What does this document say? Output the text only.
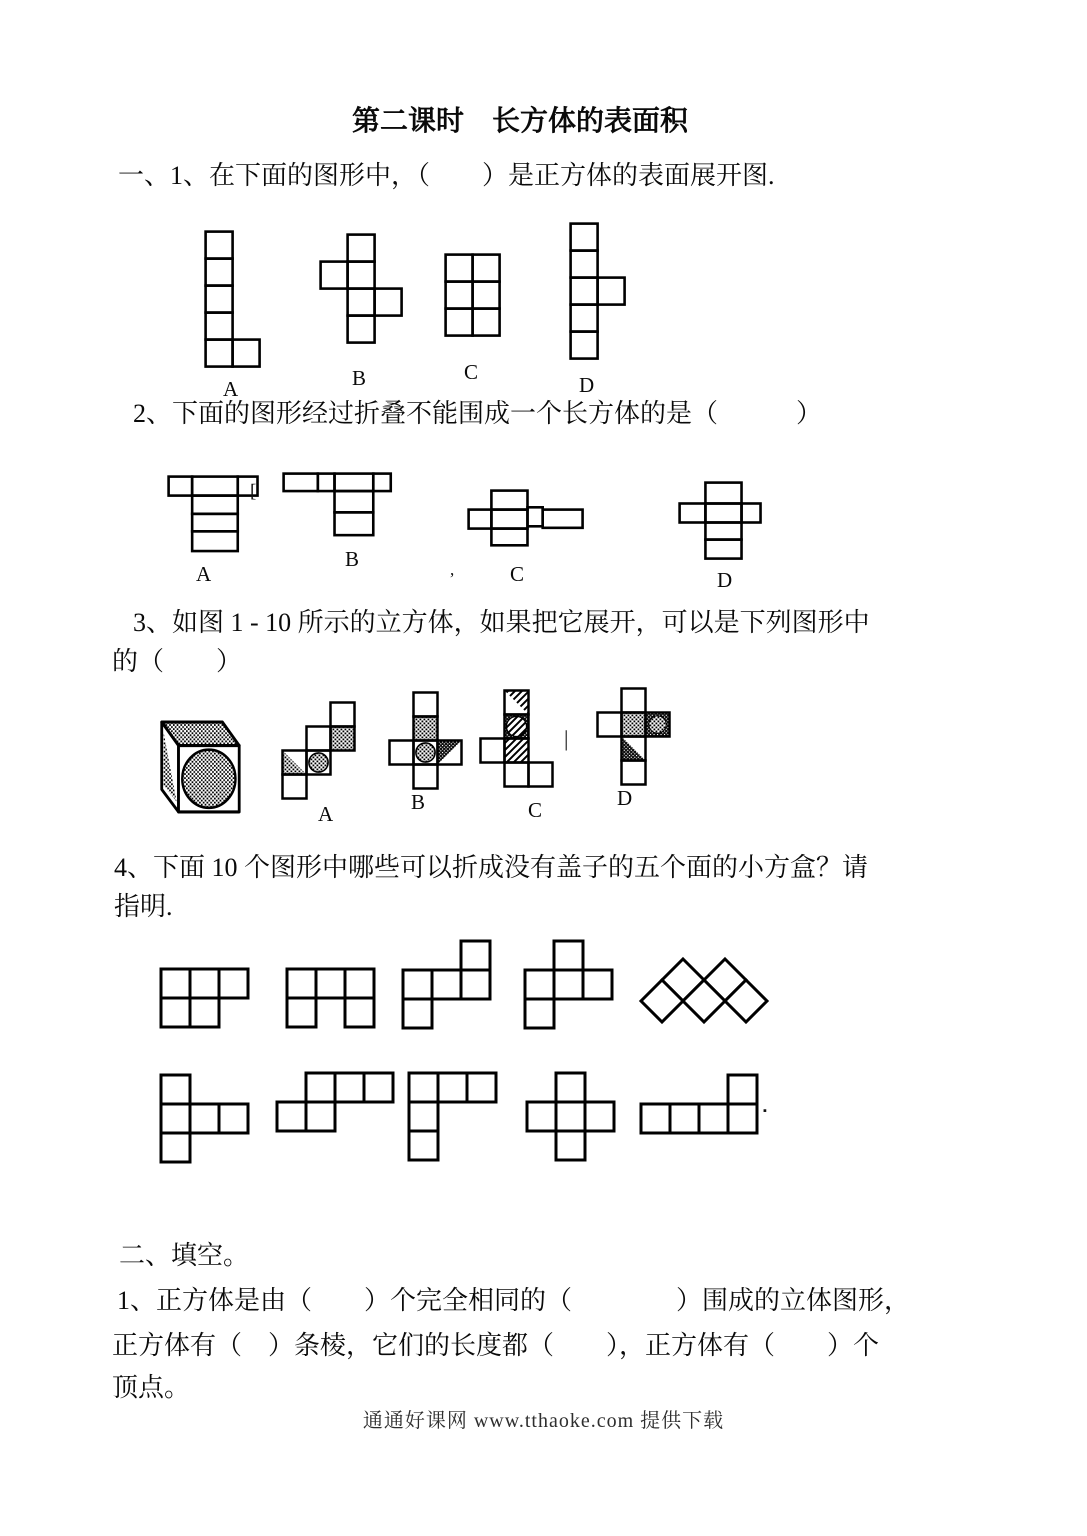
第二课时　长方体的表面积
一、1、在下面的图形中，（　　）是正方体的表面展开图.
A	B	C
D
2、下面的图形经过折叠不能围成一个长方体的是（　　　）
A
[
B	,	C	D
3、如图 1 - 10 所示的立方体，如果把它展开，可以是下列图形中
的（　　）
A	B	C
|
D
4、下面 10 个图形中哪些可以折成没有盖子的五个面的小方盒？请
指明.
▪
二、填空。
1、正方体是由（　　）个完全相同的（　　　　）围成的立体图形，
正方体有（　）条棱，它们的长度都（　　），正方体有（　　）个
顶点。
通通好课网 www.tthaoke.com 提供下载
